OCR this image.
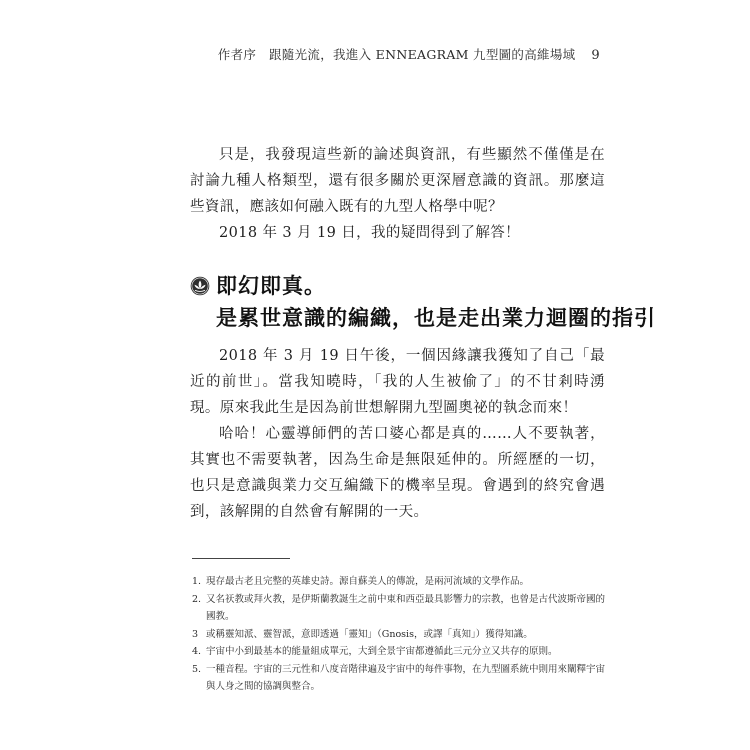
作者序　跟隨光流，我進入 ENNEAGRAM 九型圖的高維場域 9

只是，我發現這些新的論述與資訊，有些顯然不僅僅是在討論九種人格類型，還有很多關於更深層意識的資訊。那麼這些資訊，應該如何融入既有的九型人格學中呢？

2018 年 3 月 19 日，我的疑問得到了解答！

即幻即真。
是累世意識的編織，也是走出業力迴圈的指引

2018 年 3 月 19 日午後，一個因緣讓我獲知了自己「最近的前世」。當我知曉時，「我的人生被偷了」的不甘剎時湧現。原來我此生是因為前世想解開九型圖奧祕的執念而來！

哈哈！心靈導師們的苦口婆心都是真的……人不要執著，其實也不需要執著，因為生命是無限延伸的。所經歷的一切，也只是意識與業力交互編織下的機率呈現。會遇到的終究會遇到，該解開的自然會有解開的一天。

1. 現存最古老且完整的英雄史詩。源自蘇美人的傳說，是兩河流域的文學作品。
2. 又名祆教或拜火教，是伊斯蘭教誕生之前中東和西亞最具影響力的宗教，也曾是古代波斯帝國的國教。
3 或稱靈知派、靈智派，意即透過「靈知」（Gnosis，或譯「真知」）獲得知識。
4. 宇宙中小到最基本的能量組成單元，大到全景宇宙都遵循此三元分立又共存的原則。
5. 一種音程。宇宙的三元性和八度音階律遍及宇宙中的每件事物，在九型圖系統中則用來闡釋宇宙與人身之間的協調與整合。
